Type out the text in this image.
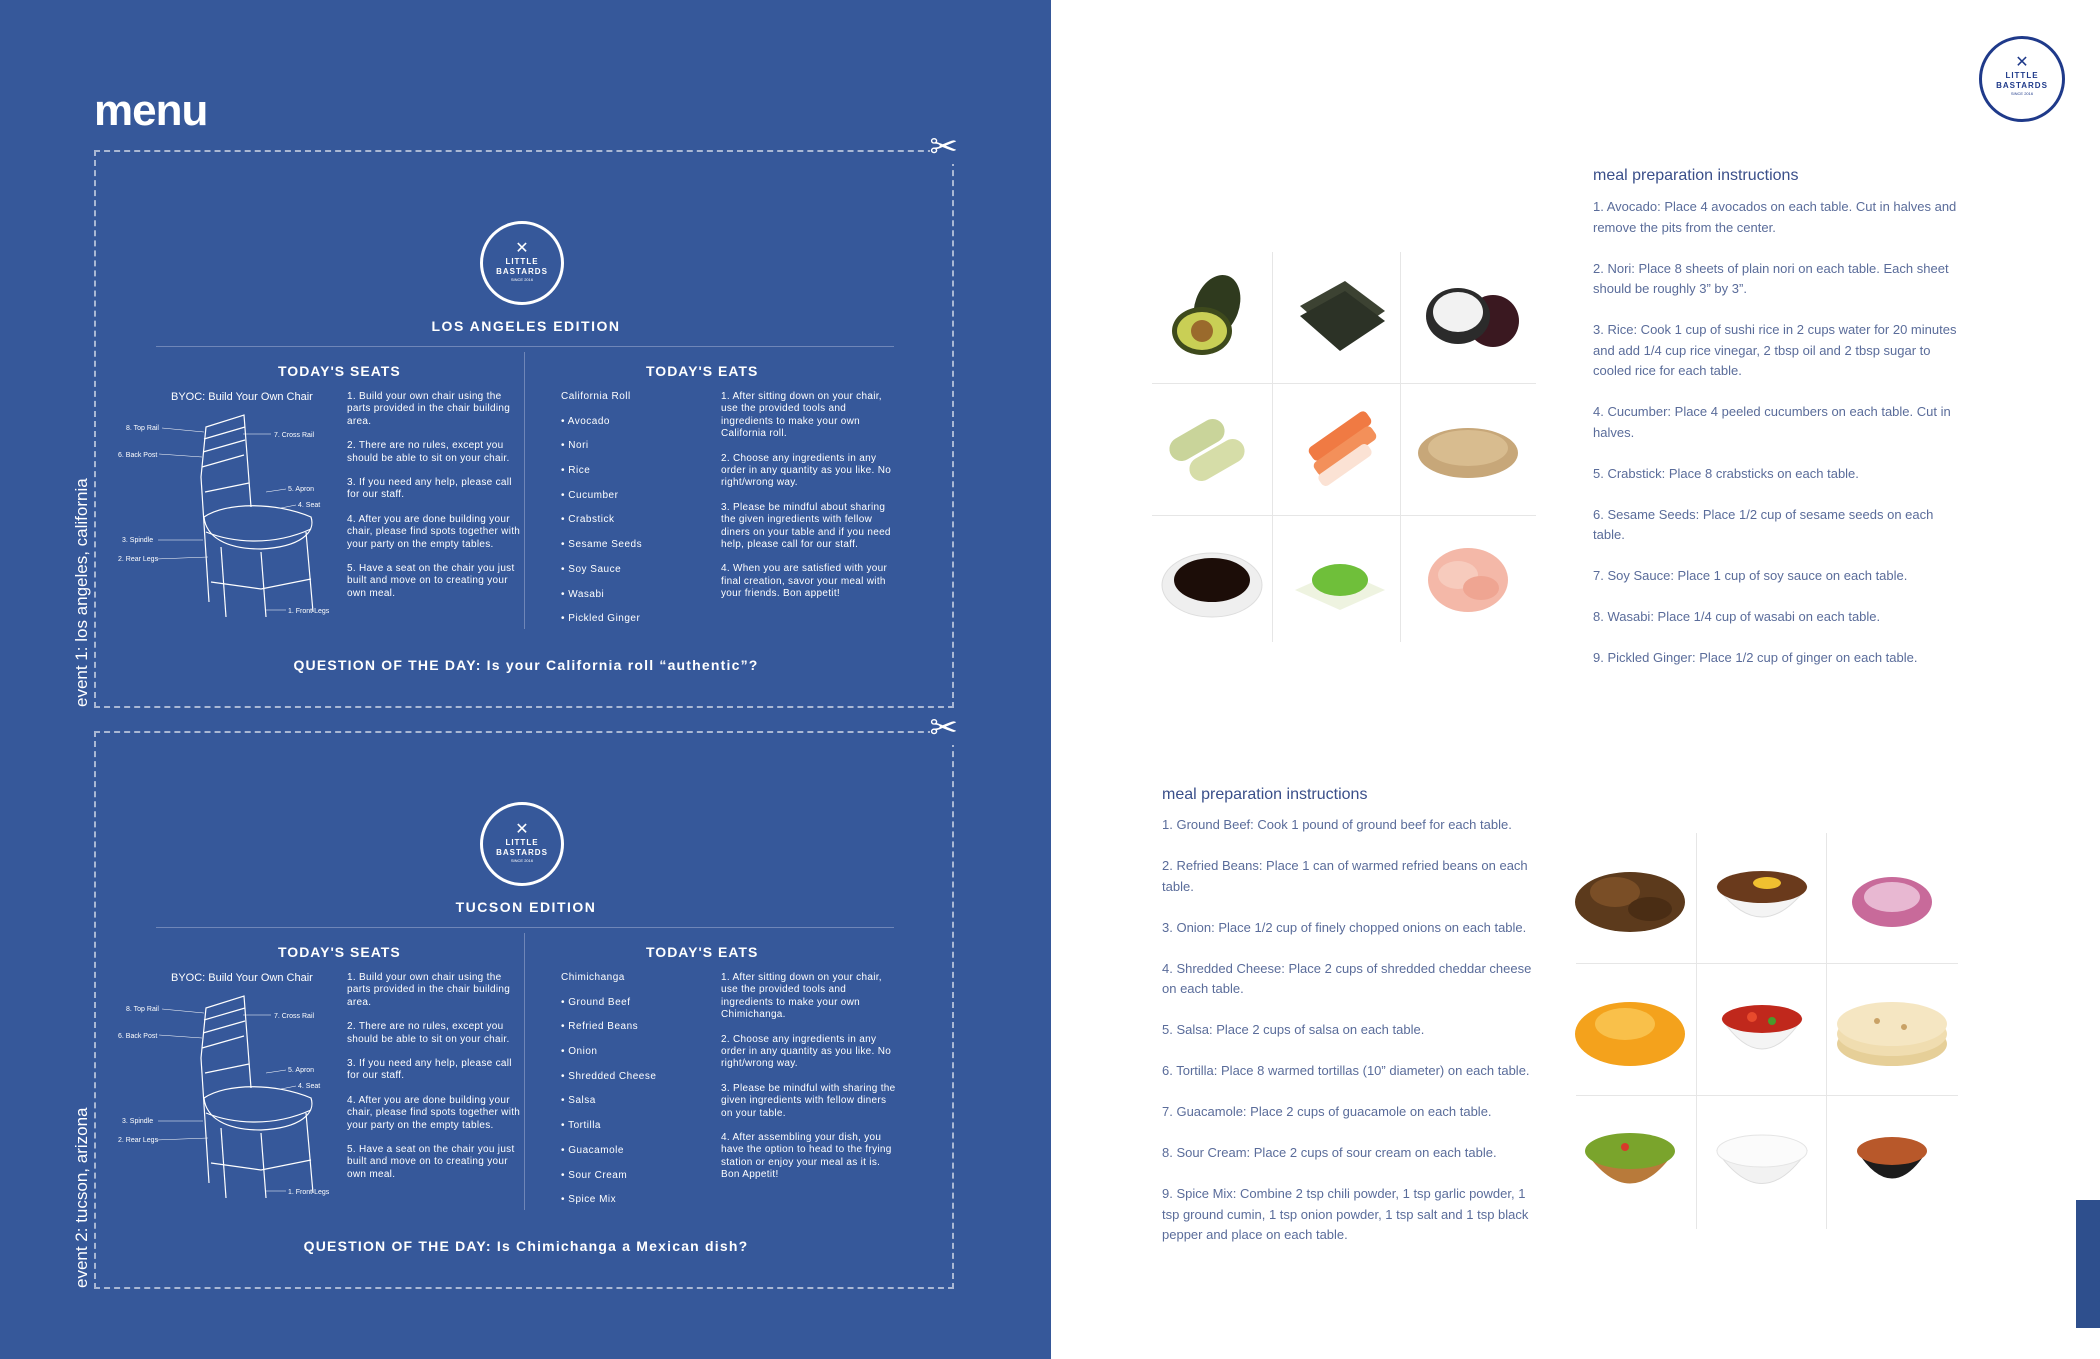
menu
✂
event 1: los angeles, california
✕
LITTLE
BASTARDS
SINCE 2016
LOS ANGELES EDITION
TODAY'S SEATS	TODAY'S EATS
BYOC: Build Your Own Chair
8. Top Rail
7. Cross Rail
6. Back Post
5. Apron
4. Seat
3. Spindle
2. Rear Legs
1. Front Legs
1. Build your own chair using the parts provided in the chair building area.
2. There are no rules, except you should be able to sit on your chair.
3. If you need any help, please call for our staff.
4. After you are done building your chair, please find spots together with your party on the empty tables.
5. Have a seat on the chair you just built and move on to creating your own meal.
California Roll
• Avocado
• Nori
• Rice
• Cucumber
• Crabstick
• Sesame Seeds
• Soy Sauce
• Wasabi
• Pickled Ginger
1. After sitting down on your chair, use the provided tools and ingredients to make your own California roll.
2. Choose any ingredients in any order in any quantity as you like. No right/wrong way.
3. Please be mindful about sharing the given ingredients with fellow diners on your table and if you need help, please call for our staff.
4. When you are satisfied with your final creation, savor your meal with your friends. Bon appetit!
QUESTION OF THE DAY: Is your California roll “authentic”?
✂
event 2: tucson, arizona
✕
LITTLE
BASTARDS
SINCE 2016
TUCSON EDITION
TODAY'S SEATS	TODAY'S EATS
BYOC: Build Your Own Chair
8. Top Rail
7. Cross Rail
6. Back Post
5. Apron
4. Seat
3. Spindle
2. Rear Legs
1. Front Legs
1. Build your own chair using the parts provided in the chair building area.
2. There are no rules, except you should be able to sit on your chair.
3. If you need any help, please call for our staff.
4. After you are done building your chair, please find spots together with your party on the empty tables.
5. Have a seat on the chair you just built and move on to creating your own meal.
Chimichanga
• Ground Beef
• Refried Beans
• Onion
• Shredded Cheese
• Salsa
• Tortilla
• Guacamole
• Sour Cream
• Spice Mix
1. After sitting down on your chair, use the provided tools and ingredients to make your own Chimichanga.
2. Choose any ingredients in any order in any quantity as you like. No right/wrong way.
3. Please be mindful with sharing the given ingredients with fellow diners on your table.
4. After assembling your dish, you have the option to head to the frying station or enjoy your meal as it is. Bon Appetit!
QUESTION OF THE DAY: Is Chimichanga a Mexican dish?
✕
LITTLE
BASTARDS
SINCE 2016
meal preparation instructions
1. Avocado: Place 4 avocados on each table. Cut in halves and remove the pits from the center.
2. Nori: Place 8 sheets of plain nori on each table. Each sheet should be roughly 3” by 3”.
3. Rice: Cook 1 cup of sushi rice in 2 cups water for 20 minutes and add 1/4 cup rice vinegar, 2 tbsp oil and 2 tbsp sugar to cooled rice for each table.
4. Cucumber: Place 4 peeled cucumbers on each table. Cut in halves.
5. Crabstick: Place 8 crabsticks on each table.
6. Sesame Seeds: Place 1/2 cup of sesame seeds on each table.
7. Soy Sauce: Place 1 cup of soy sauce on each table.
8. Wasabi: Place 1/4 cup of wasabi on each table.
9. Pickled Ginger: Place 1/2 cup of ginger on each table.
meal preparation instructions
1. Ground Beef: Cook 1 pound of ground beef for each table.
2. Refried Beans: Place 1 can of warmed refried beans on each table.
3. Onion: Place 1/2 cup of finely chopped onions on each table.
4. Shredded Cheese: Place 2 cups of shredded cheddar cheese on each table.
5. Salsa: Place 2 cups of salsa on each table.
6. Tortilla: Place 8 warmed tortillas (10” diameter) on each table.
7. Guacamole: Place 2 cups of guacamole on each table.
8. Sour Cream: Place 2 cups of sour cream on each table.
9. Spice Mix: Combine 2 tsp chili powder, 1 tsp garlic powder, 1 tsp ground cumin, 1 tsp onion powder, 1 tsp salt and 1 tsp black pepper and place on each table.
